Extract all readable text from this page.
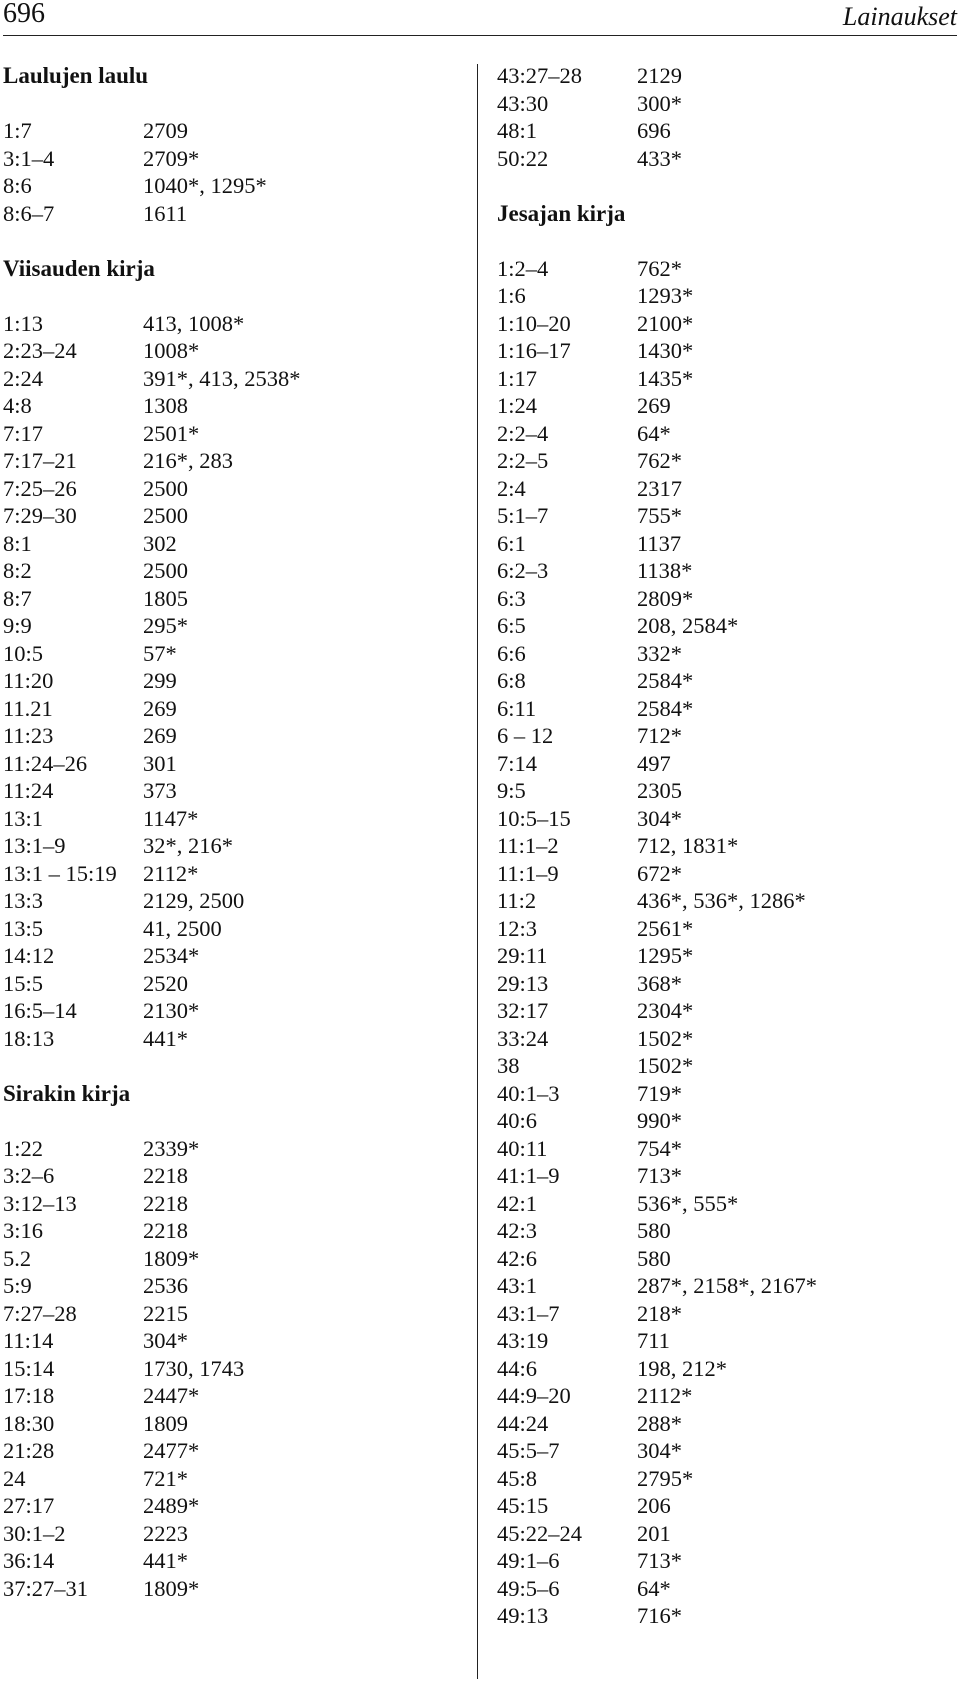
696	Lainaukset
Laulujen laulu
1:7	2709
3:1–4	2709*
8:6	1040*, 1295*
8:6–7	1611
Viisauden kirja
1:13	413, 1008*
2:23–24	1008*
2:24	391*, 413, 2538*
4:8	1308
7:17	2501*
7:17–21	216*, 283
7:25–26	2500
7:29–30	2500
8:1	302
8:2	2500
8:7	1805
9:9	295*
10:5	57*
11:20	299
11.21	269
11:23	269
11:24–26	301
11:24	373
13:1	1147*
13:1–9	32*, 216*
13:1 – 15:19	2112*
13:3	2129, 2500
13:5	41, 2500
14:12	2534*
15:5	2520
16:5–14	2130*
18:13	441*
Sirakin kirja
1:22	2339*
3:2–6	2218
3:12–13	2218
3:16	2218
5.2	1809*
5:9	2536
7:27–28	2215
11:14	304*
15:14	1730, 1743
17:18	2447*
18:30	1809
21:28	2477*
24	721*
27:17	2489*
30:1–2	2223
36:14	441*
37:27–31	1809*
43:27–28	2129
43:30	300*
48:1	696
50:22	433*
Jesajan kirja
1:2–4	762*
1:6	1293*
1:10–20	2100*
1:16–17	1430*
1:17	1435*
1:24	269
2:2–4	64*
2:2–5	762*
2:4	2317
5:1–7	755*
6:1	1137
6:2–3	1138*
6:3	2809*
6:5	208, 2584*
6:6	332*
6:8	2584*
6:11	2584*
6 – 12	712*
7:14	497
9:5	2305
10:5–15	304*
11:1–2	712, 1831*
11:1–9	672*
11:2	436*, 536*, 1286*
12:3	2561*
29:11	1295*
29:13	368*
32:17	2304*
33:24	1502*
38	1502*
40:1–3	719*
40:6	990*
40:11	754*
41:1–9	713*
42:1	536*, 555*
42:3	580
42:6	580
43:1	287*, 2158*, 2167*
43:1–7	218*
43:19	711
44:6	198, 212*
44:9–20	2112*
44:24	288*
45:5–7	304*
45:8	2795*
45:15	206
45:22–24	201
49:1–6	713*
49:5–6	64*
49:13	716*
